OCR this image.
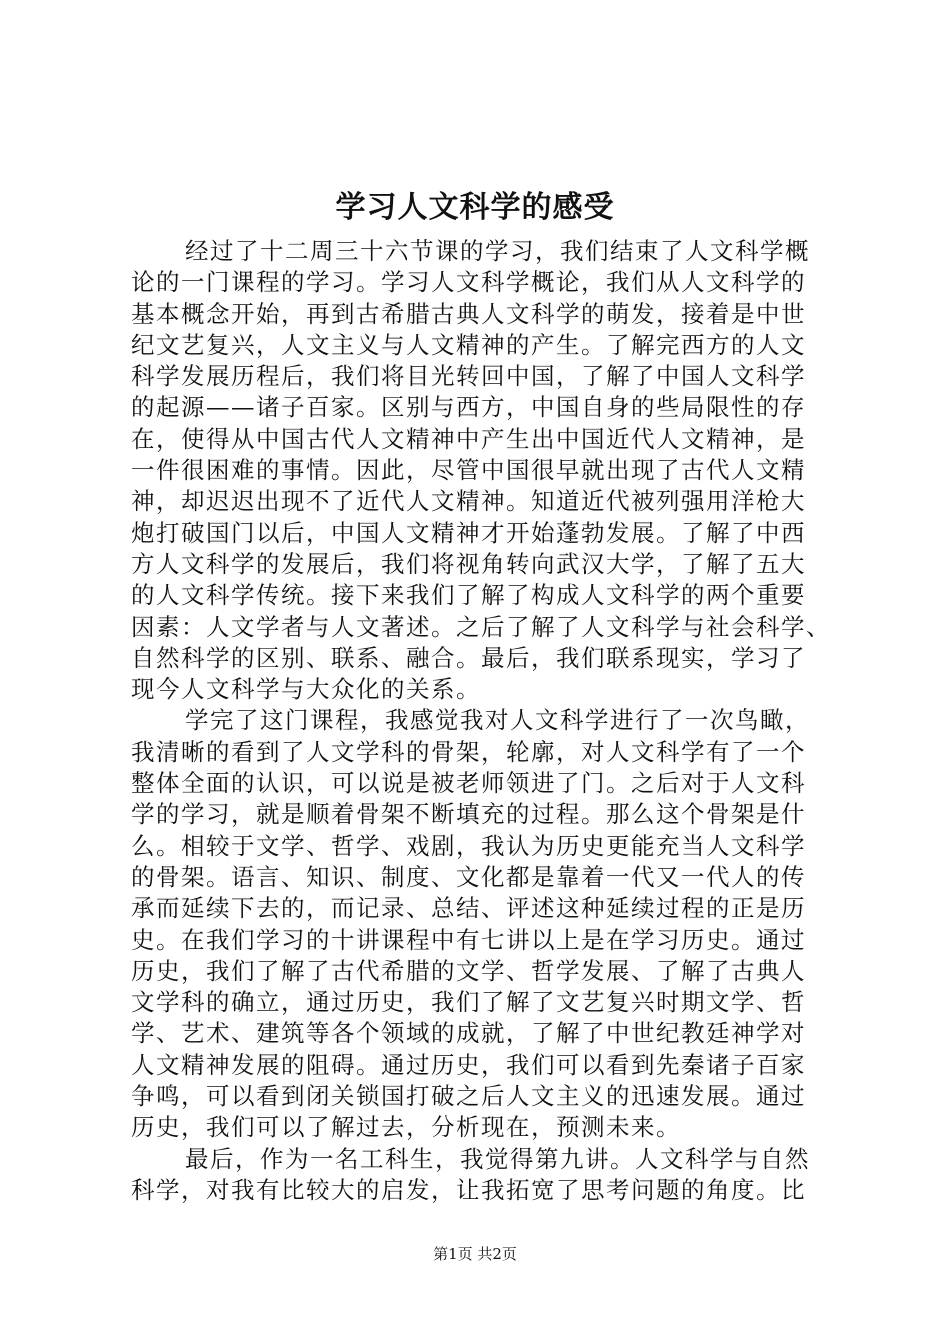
学习人文科学的感受
经过了十二周三十六节课的学习，我们结束了人文科学概
论的一门课程的学习。学习人文科学概论，我们从人文科学的
基本概念开始，再到古希腊古典人文科学的萌发，接着是中世
纪文艺复兴，人文主义与人文精神的产生。了解完西方的人文
科学发展历程后，我们将目光转回中国，了解了中国人文科学
的起源——诸子百家。区别与西方，中国自身的些局限性的存
在，使得从中国古代人文精神中产生出中国近代人文精神，是
一件很困难的事情。因此，尽管中国很早就出现了古代人文精
神，却迟迟出现不了近代人文精神。知道近代被列强用洋枪大
炮打破国门以后，中国人文精神才开始蓬勃发展。了解了中西
方人文科学的发展后，我们将视角转向武汉大学，了解了五大
的人文科学传统。接下来我们了解了构成人文科学的两个重要
因素：人文学者与人文著述。之后了解了人文科学与社会科学、
自然科学的区别、联系、融合。最后，我们联系现实，学习了
现今人文科学与大众化的关系。
学完了这门课程，我感觉我对人文科学进行了一次鸟瞰，
我清晰的看到了人文学科的骨架，轮廓，对人文科学有了一个
整体全面的认识，可以说是被老师领进了门。之后对于人文科
学的学习，就是顺着骨架不断填充的过程。那么这个骨架是什
么。相较于文学、哲学、戏剧，我认为历史更能充当人文科学
的骨架。语言、知识、制度、文化都是靠着一代又一代人的传
承而延续下去的，而记录、总结、评述这种延续过程的正是历
史。在我们学习的十讲课程中有七讲以上是在学习历史。通过
历史，我们了解了古代希腊的文学、哲学发展、了解了古典人
文学科的确立，通过历史，我们了解了文艺复兴时期文学、哲
学、艺术、建筑等各个领域的成就，了解了中世纪教廷神学对
人文精神发展的阻碍。通过历史，我们可以看到先秦诸子百家
争鸣，可以看到闭关锁国打破之后人文主义的迅速发展。通过
历史，我们可以了解过去，分析现在，预测未来。
最后，作为一名工科生，我觉得第九讲。人文科学与自然
科学，对我有比较大的启发，让我拓宽了思考问题的角度。比
第1页 共2页
